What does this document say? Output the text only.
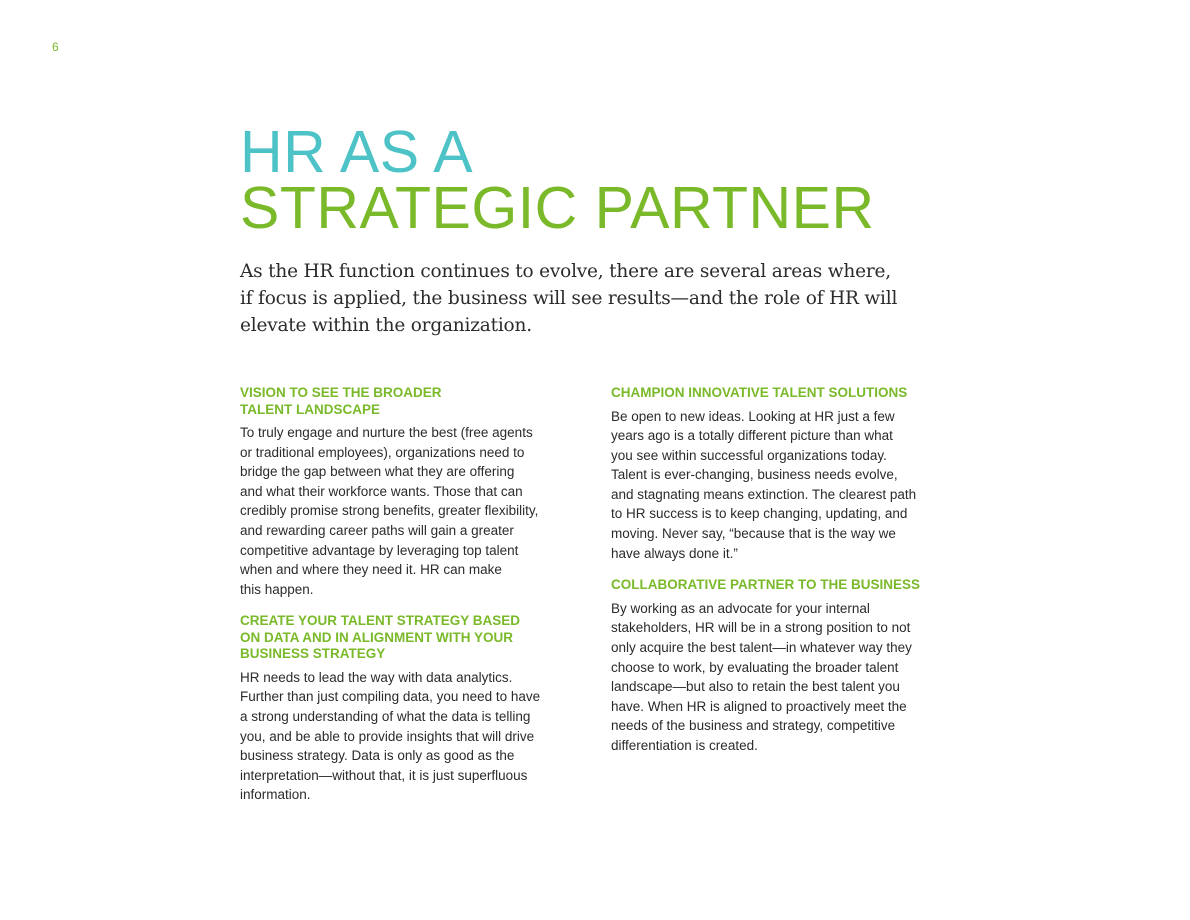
6
HR AS A
STRATEGIC PARTNER

As the HR function continues to evolve, there are several areas where,
if focus is applied, the business will see results—and the role of HR will
elevate within the organization.

VISION TO SEE THE BROADER
TALENT LANDSCAPE

To truly engage and nurture the best (free agents
or traditional employees), organizations need to
bridge the gap between what they are offering
and what their workforce wants. Those that can
credibly promise strong benefits, greater flexibility,
and rewarding career paths will gain a greater
competitive advantage by leveraging top talent
when and where they need it. HR can make
this happen.

CREATE YOUR TALENT STRATEGY BASED
ON DATA AND IN ALIGNMENT WITH YOUR
BUSINESS STRATEGY

HR needs to lead the way with data analytics.
Further than just compiling data, you need to have
a strong understanding of what the data is telling
you, and be able to provide insights that will drive
business strategy. Data is only as good as the
interpretation—without that, it is just superfluous
information.

CHAMPION INNOVATIVE TALENT SOLUTIONS

Be open to new ideas. Looking at HR just a few
years ago is a totally different picture than what
you see within successful organizations today.
Talent is ever-changing, business needs evolve,
and stagnating means extinction. The clearest path
to HR success is to keep changing, updating, and
moving. Never say, “because that is the way we
have always done it.”

COLLABORATIVE PARTNER TO THE BUSINESS

By working as an advocate for your internal
stakeholders, HR will be in a strong position to not
only acquire the best talent—in whatever way they
choose to work, by evaluating the broader talent
landscape—but also to retain the best talent you
have. When HR is aligned to proactively meet the
needs of the business and strategy, competitive
differentiation is created.
